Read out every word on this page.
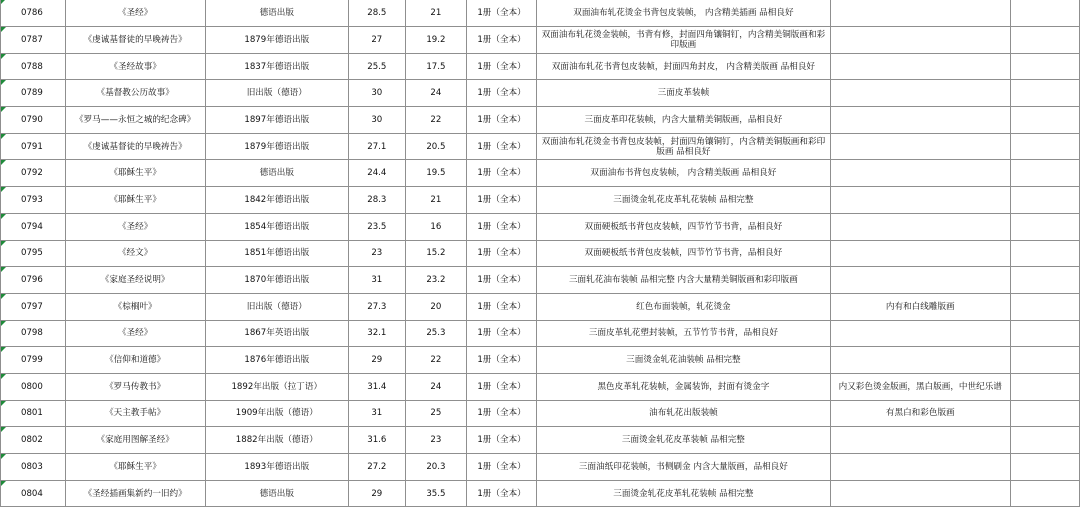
0786	《圣经》	德语出版	28.5	21	1册（全本）	双面油布轧花烫金书背包皮装帧， 内含精美插画 品相良好		
0787	《虔诚基督徒的早晚祷告》	1879年德语出版	27	19.2	1册（全本）	双面油布轧花烫金装帧，书背有修，封面四角镶铜钉，内含精美铜版画和彩印版画		
0788	《圣经故事》	1837年德语出版	25.5	17.5	1册（全本）	双面油布轧花书背包皮装帧，封面四角封皮， 内含精美版画 品相良好		
0789	《基督教公历故事》	旧出版（德语）	30	24	1册（全本）	三面皮革装帧		
0790	《罗马——永恒之城的纪念碑》	1897年德语出版	30	22	1册（全本）	三面皮革印花装帧，内含大量精美铜版画，品相良好		
0791	《虔诚基督徒的早晚祷告》	1879年德语出版	27.1	20.5	1册（全本）	双面油布轧花烫金书背包皮装帧，封面四角镶铜钉，内含精美铜版画和彩印版画 品相良好		
0792	《耶稣生平》	德语出版	24.4	19.5	1册（全本）	双面油布书背包皮装帧， 内含精美版画 品相良好		
0793	《耶稣生平》	1842年德语出版	28.3	21	1册（全本）	三面烫金轧花皮革轧花装帧 品相完整		
0794	《圣经》	1854年德语出版	23.5	16	1册（全本）	双面硬板纸书背包皮装帧，四节竹节书背，品相良好		
0795	《经文》	1851年德语出版	23	15.2	1册（全本）	双面硬板纸书背包皮装帧，四节竹节书背，品相良好		
0796	《家庭圣经说明》	1870年德语出版	31	23.2	1册（全本）	三面轧花油布装帧 品相完整 内含大量精美铜版画和彩印版画		
0797	《棕榈叶》	旧出版（德语）	27.3	20	1册（全本）	红色布面装帧，轧花烫金	内有和白线雕版画	
0798	《圣经》	1867年英语出版	32.1	25.3	1册（全本）	三面皮革轧花塑封装帧，五节竹节书背，品相良好		
0799	《信仰和道德》	1876年德语出版	29	22	1册（全本）	三面烫金轧花油装帧 品相完整		
0800	《罗马传教书》	1892年出版（拉丁语）	31.4	24	1册（全本）	黑色皮革轧花装帧，金属装饰，封面有烫金字	内又彩色烫金版画，黑白版画，中世纪乐谱	
0801	《天主教手帖》	1909年出版（德语）	31	25	1册（全本）	油布轧花出版装帧	有黑白和彩色版画	
0802	《家庭用图解圣经》	1882年出版（德语）	31.6	23	1册（全本）	三面烫金轧花皮革装帧 品相完整		
0803	《耶稣生平》	1893年德语出版	27.2	20.3	1册（全本）	三面油纸印花装帧，书侧刷金 内含大量版画，品相良好		
0804	《圣经插画集新约一旧约》	德语出版	29	35.5	1册（全本）	三面烫金轧花皮革轧花装帧 品相完整		
